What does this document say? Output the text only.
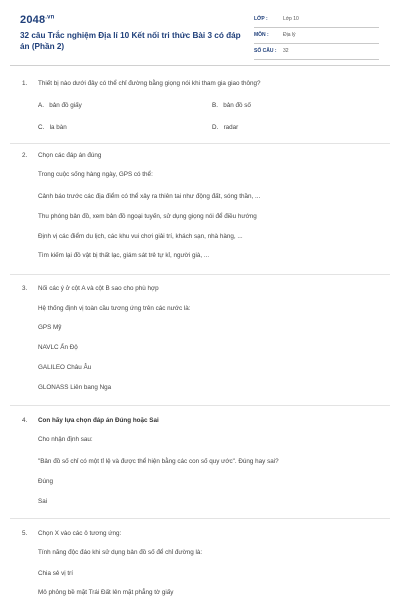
$2048^{.vn}$
32 câu Trắc nghiệm Địa lí 10 Kết nối tri thức Bài 3 có đáp án (Phần 2)
LỚP :	Lớp 10
MÔN :	Địa lý
SỐ CÂU : 32
1. Thiết bị nào dưới đây có thể chỉ đường bằng giọng nói khi tham gia giao thông?
A. bản đồ giấy	B. bản đồ số
C. la bàn	D. radar
2. Chọn các đáp án đúng
Trong cuộc sống hàng ngày, GPS có thể:
Cảnh báo trước các địa điểm có thể xảy ra thiên tai như động đất, sóng thần, ...
Thu phóng bản đồ, xem bản đồ ngoại tuyến, sử dụng giọng nói để điều hướng
Định vị các điểm du lịch, các khu vui chơi giải trí, khách sạn, nhà hàng, ...
Tìm kiếm lại đồ vật bị thất lạc, giám sát trẻ tự kỉ, người già, ...
3. Nối các ý ở cột A và cột B sao cho phù hợp
Hệ thống định vị toàn cầu tương ứng trên các nước là:
GPS Mỹ
NAVLC Ấn Độ
GALILEO Châu Âu
GLONASS Liên bang Nga
4. Con hãy lựa chọn đáp án Đúng hoặc Sai
Cho nhận định sau:
"Bản đồ số chỉ có một tỉ lệ và được thể hiện bằng các con số quy ước". Đúng hay sai?
Đúng
Sai
5. Chọn X vào các ô tương ứng:
Tính năng độc đáo khi sử dụng bản đồ số để chỉ đường là:
Chia sẻ vị trí
Mô phỏng bề mặt Trái Đất lên mặt phẳng tờ giấy
